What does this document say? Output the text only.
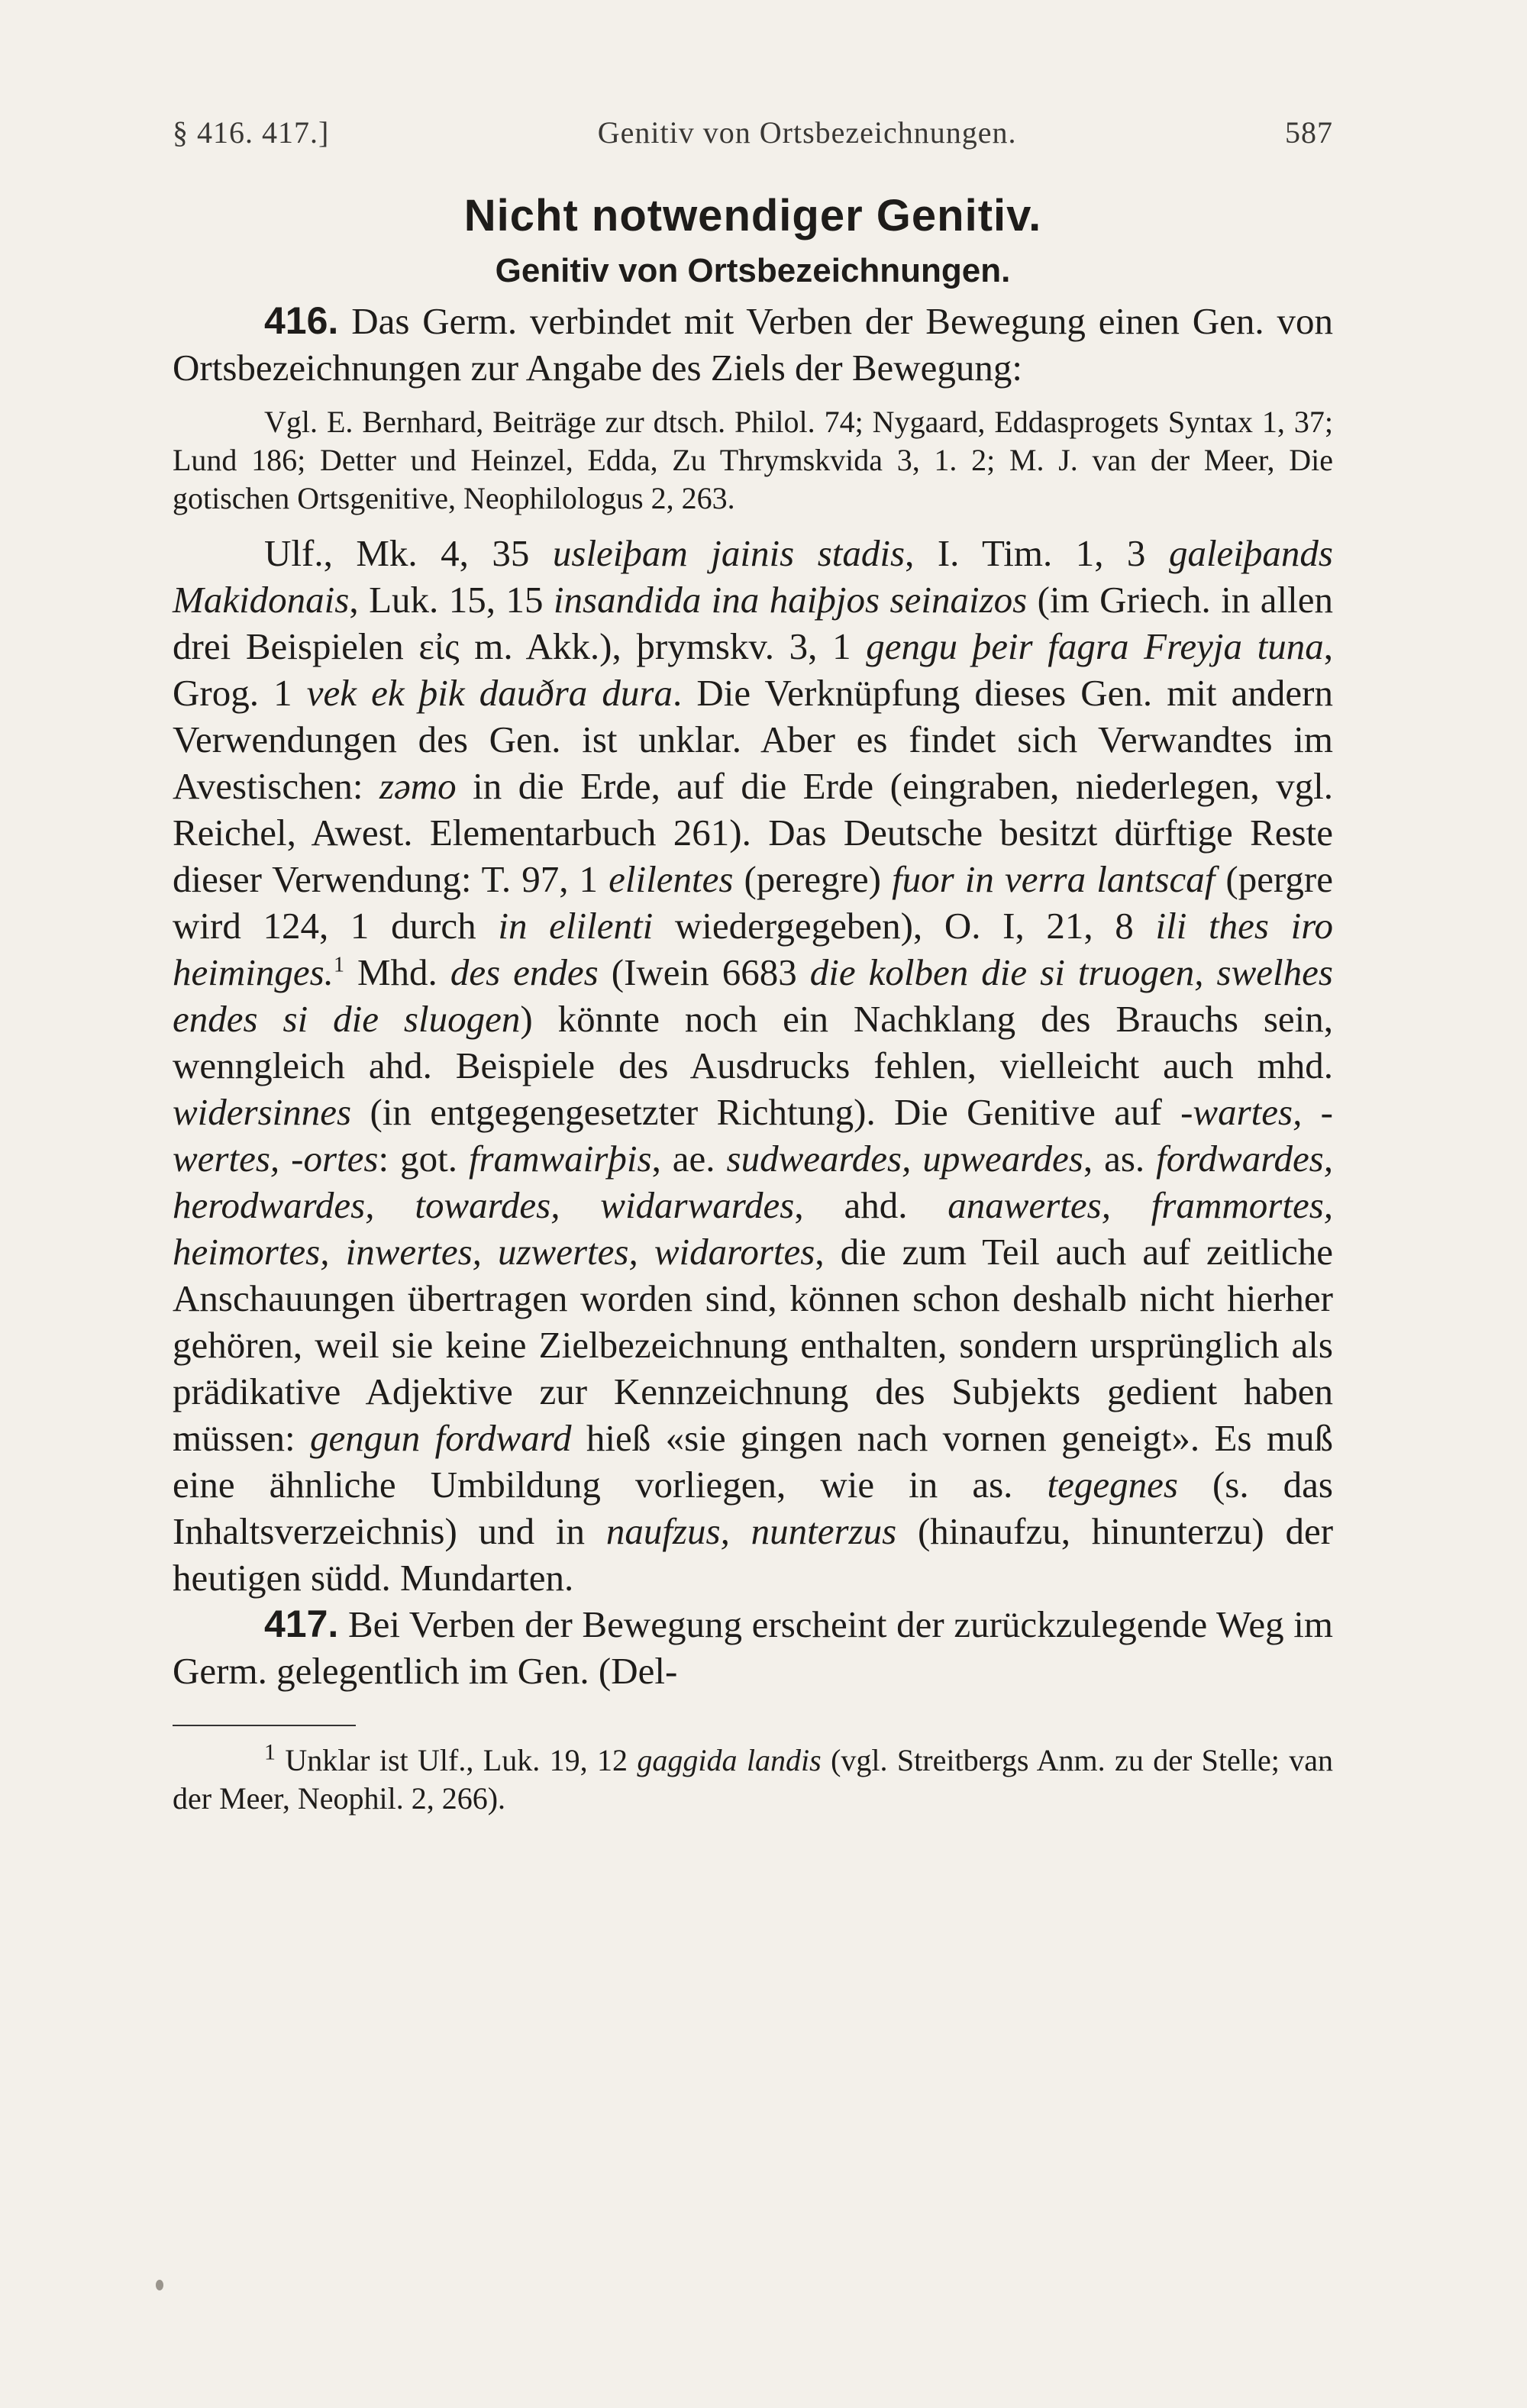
§ 416. 417.]	Genitiv von Ortsbezeichnungen.	587
Nicht notwendiger Genitiv.
Genitiv von Ortsbezeichnungen.

416. Das Germ. verbindet mit Verben der Bewegung einen Gen. von Ortsbezeichnungen zur Angabe des Ziels der Bewegung:

Vgl. E. Bernhard, Beiträge zur dtsch. Philol. 74; Nygaard, Eddasprogets Syntax 1, 37; Lund 186; Detter und Heinzel, Edda, Zu Thrymskvida 3, 1. 2; M. J. van der Meer, Die gotischen Ortsgenitive, Neophilologus 2, 263.

Ulf., Mk. 4, 35 usleiþam jainis stadis, I. Tim. 1, 3 galeiþands Makidonais, Luk. 15, 15 insandida ina haiþjos seinaizos (im Griech. in allen drei Beispielen εἰς m. Akk.), þrymskv. 3, 1 gengu þeir fagra Freyja tuna, Grog. 1 vek ek þik dauðra dura. Die Verknüpfung dieses Gen. mit andern Verwendungen des Gen. ist unklar. Aber es findet sich Verwandtes im Avestischen: zəmo in die Erde, auf die Erde (eingraben, niederlegen, vgl. Reichel, Awest. Elementarbuch 261). Das Deutsche besitzt dürftige Reste dieser Verwendung: T. 97, 1 elilentes (peregre) fuor in verra lantscaf (pergre wird 124, 1 durch in elilenti wiedergegeben), O. I, 21, 8 ili thes iro heiminges.$^1$ Mhd. des endes (Iwein 6683 die kolben die si truogen, swelhes endes si die sluogen) könnte noch ein Nachklang des Brauchs sein, wenngleich ahd. Beispiele des Ausdrucks fehlen, vielleicht auch mhd. widersinnes (in entgegengesetzter Richtung). Die Genitive auf -wartes, -wertes, -ortes: got. framwairþis, ae. sudweardes, upweardes, as. fordwardes, herodwardes, towardes, widarwardes, ahd. anawertes, frammortes, heimortes, inwertes, uzwertes, widarortes, die zum Teil auch auf zeitliche Anschauungen übertragen worden sind, können schon deshalb nicht hierher gehören, weil sie keine Zielbezeichnung enthalten, sondern ursprünglich als prädikative Adjektive zur Kennzeichnung des Subjekts gedient haben müssen: gengun fordward hieß «sie gingen nach vornen geneigt». Es muß eine ähnliche Umbildung vorliegen, wie in as. tegegnes (s. das Inhaltsverzeichnis) und in naufzus, nunterzus (hinaufzu, hinunterzu) der heutigen südd. Mundarten.

417. Bei Verben der Bewegung erscheint der zurückzulegende Weg im Germ. gelegentlich im Gen. (Del-

$^1$ Unklar ist Ulf., Luk. 19, 12 gaggida landis (vgl. Streitbergs Anm. zu der Stelle; van der Meer, Neophil. 2, 266).
